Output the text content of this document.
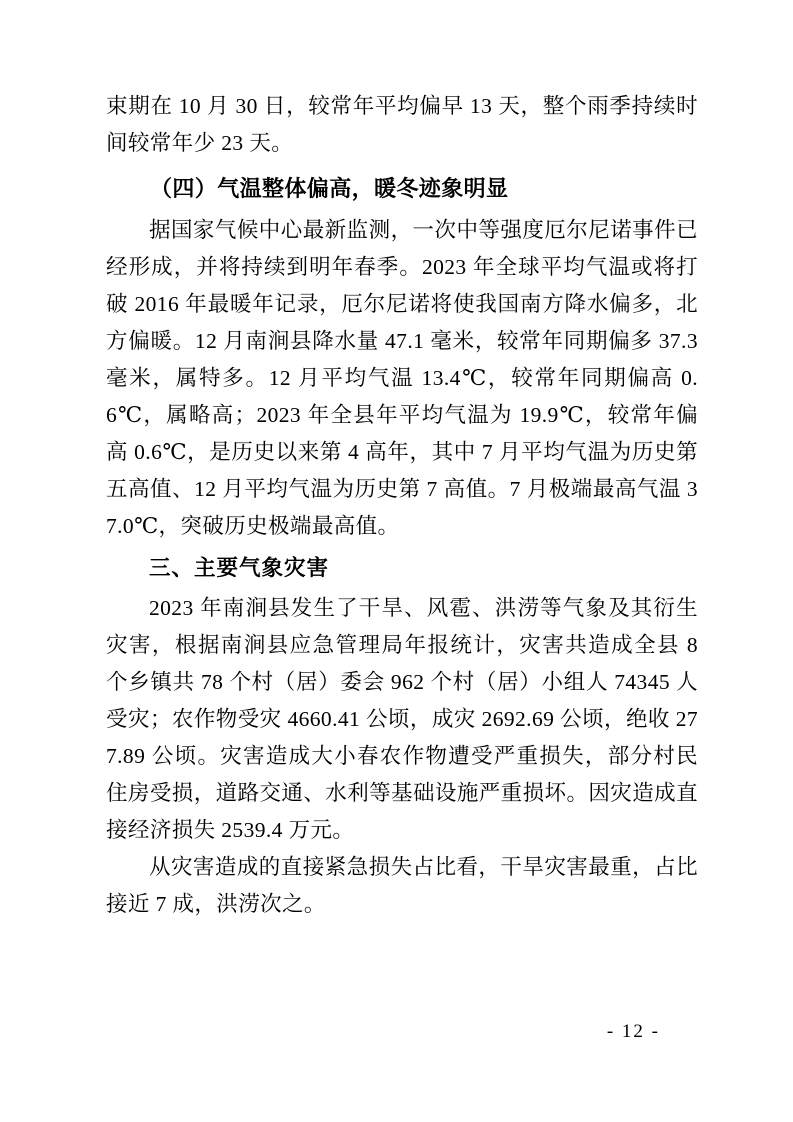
束期在 10 月 30 日，较常年平均偏早 13 天，整个雨季持续时间较常年少 23 天。

（四）气温整体偏高，暖冬迹象明显

据国家气候中心最新监测，一次中等强度厄尔尼诺事件已经形成，并将持续到明年春季。2023 年全球平均气温或将打破 2016 年最暖年记录，厄尔尼诺将使我国南方降水偏多，北方偏暖。12 月南涧县降水量 47.1 毫米，较常年同期偏多 37.3 毫米，属特多。12 月平均气温 13.4℃，较常年同期偏高 0.6℃，属略高；2023 年全县年平均气温为 19.9℃，较常年偏高 0.6℃，是历史以来第 4 高年，其中 7 月平均气温为历史第五高值、12 月平均气温为历史第 7 高值。7 月极端最高气温 37.0℃，突破历史极端最高值。

三、主要气象灾害

2023 年南涧县发生了干旱、风雹、洪涝等气象及其衍生灾害，根据南涧县应急管理局年报统计，灾害共造成全县 8 个乡镇共 78 个村（居）委会 962 个村（居）小组人 74345 人受灾；农作物受灾 4660.41 公顷，成灾 2692.69 公顷，绝收 277.89 公顷。灾害造成大小春农作物遭受严重损失，部分村民住房受损，道路交通、水利等基础设施严重损坏。因灾造成直接经济损失 2539.4 万元。

从灾害造成的直接紧急损失占比看，干旱灾害最重，占比接近 7 成，洪涝次之。

- 12 -
